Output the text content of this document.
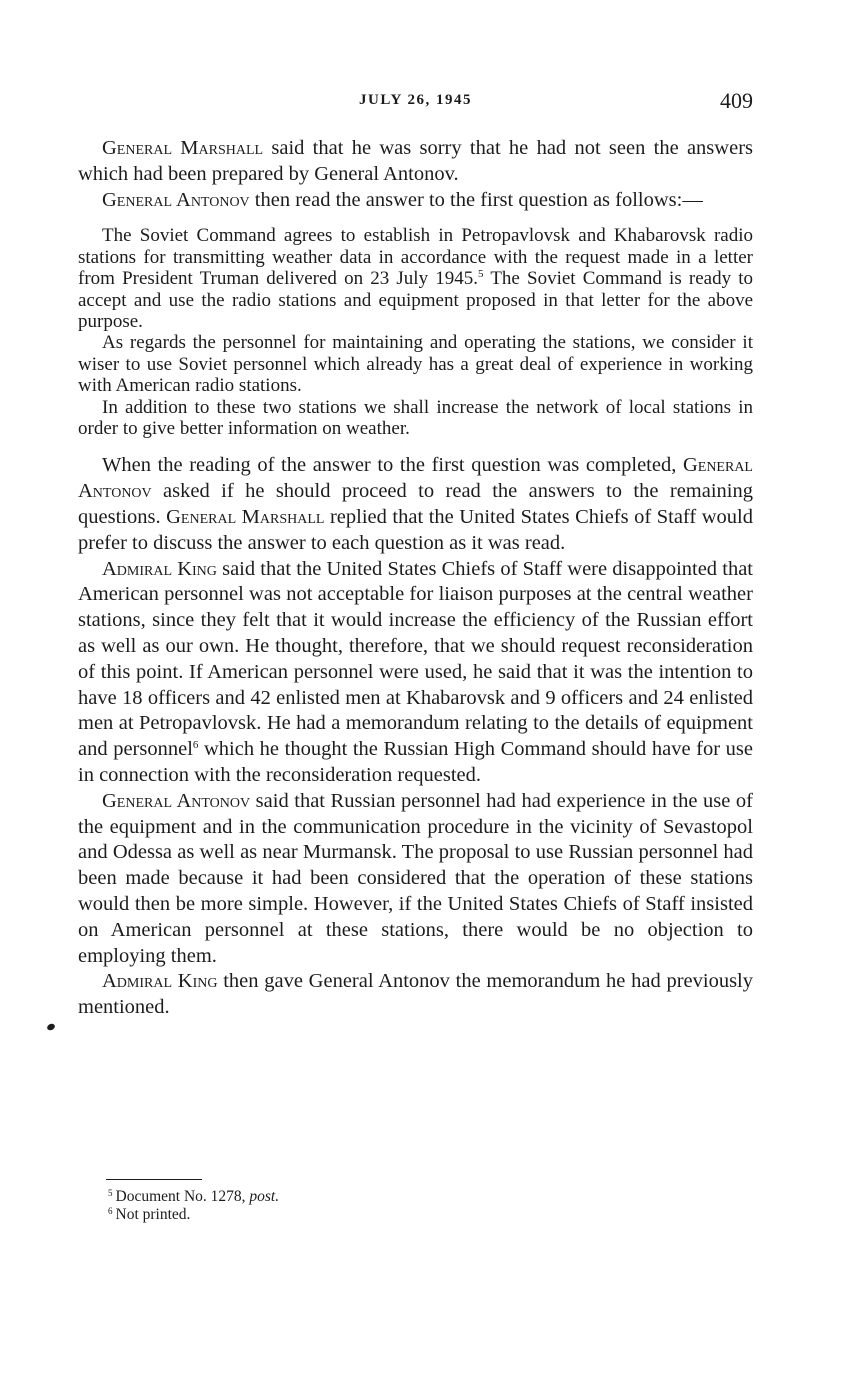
JULY 26, 1945	409

General Marshall said that he was sorry that he had not seen the answers which had been prepared by General Antonov.

General Antonov then read the answer to the first question as follows:—

The Soviet Command agrees to establish in Petropavlovsk and Khabarovsk radio stations for transmitting weather data in accordance with the request made in a letter from President Truman delivered on 23 July 1945.$^5$ The Soviet Command is ready to accept and use the radio stations and equipment proposed in that letter for the above purpose.

As regards the personnel for maintaining and operating the stations, we consider it wiser to use Soviet personnel which already has a great deal of experience in working with American radio stations.

In addition to these two stations we shall increase the network of local stations in order to give better information on weather.

When the reading of the answer to the first question was completed, General Antonov asked if he should proceed to read the answers to the remaining questions. General Marshall replied that the United States Chiefs of Staff would prefer to discuss the answer to each question as it was read.

Admiral King said that the United States Chiefs of Staff were disappointed that American personnel was not acceptable for liaison purposes at the central weather stations, since they felt that it would increase the efficiency of the Russian effort as well as our own. He thought, therefore, that we should request reconsideration of this point. If American personnel were used, he said that it was the intention to have 18 officers and 42 enlisted men at Khabarovsk and 9 officers and 24 enlisted men at Petropavlovsk. He had a memorandum relating to the details of equipment and personnel$^6$ which he thought the Russian High Command should have for use in connection with the reconsideration requested.

General Antonov said that Russian personnel had had experience in the use of the equipment and in the communication procedure in the vicinity of Sevastopol and Odessa as well as near Murmansk. The proposal to use Russian personnel had been made because it had been considered that the operation of these stations would then be more simple. However, if the United States Chiefs of Staff insisted on American personnel at these stations, there would be no objection to employing them.

Admiral King then gave General Antonov the memorandum he had previously mentioned.

$^5$ Document No. 1278, post.

$^6$ Not printed.
